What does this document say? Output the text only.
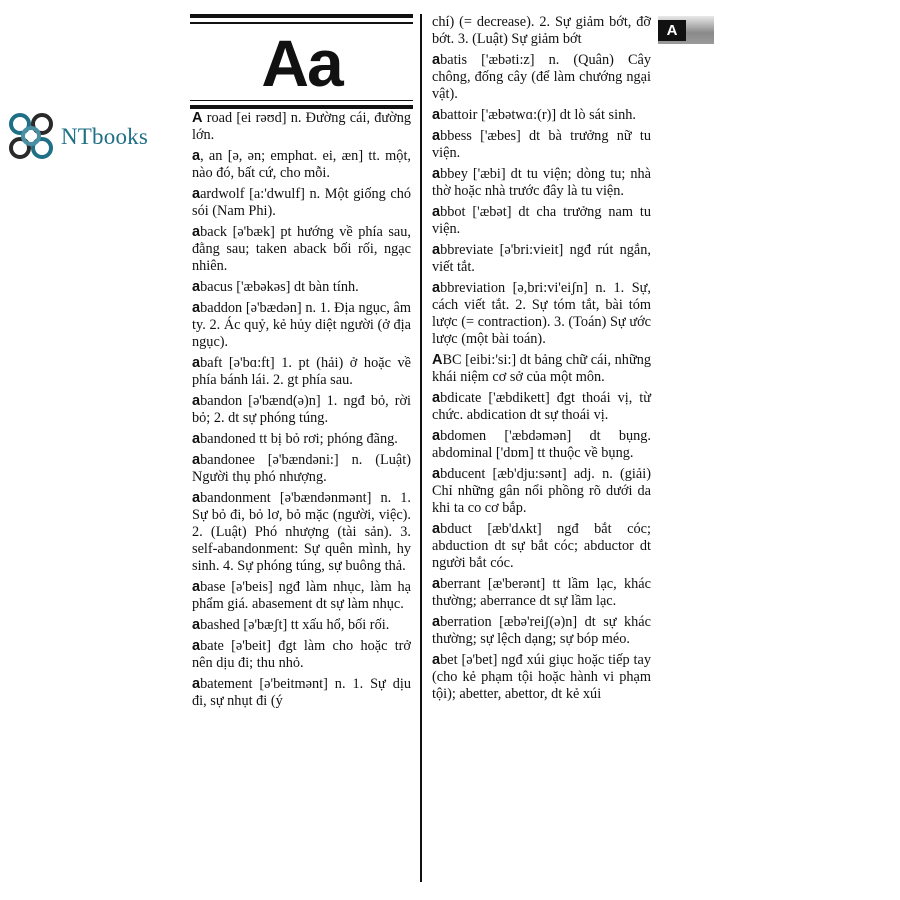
NTbooks
Aa
A road [ei rəʊd] n. Đường cái, đường lớn.
a, an [ə, ən; emphɑt. ei, æn] tt. một, nào đó, bất cứ, cho mỗi.
aardwolf [a:'dwulf] n. Một giống chó sói (Nam Phi).
aback [ə'bæk] pt hướng về phía sau, đằng sau; taken aback bối rối, ngạc nhiên.
abacus ['æbəkəs] dt bàn tính.
abaddon [ə'bædən] n. 1. Địa ngục, âm ty. 2. Ác quỷ, kẻ hủy diệt người (ở địa ngục).
abaft [ə'bɑ:ft] 1. pt (hải) ở hoặc về phía bánh lái. 2. gt phía sau.
abandon [ə'bænd(ə)n] 1. ngđ bỏ, rời bỏ; 2. dt sự phóng túng.
abandoned tt bị bỏ rơi; phóng đãng.
abandonee [ə'bændəni:] n. (Luật) Người thụ phó nhượng.
abandonment [ə'bændənmənt] n. 1. Sự bỏ đi, bỏ lơ, bỏ mặc (người, việc). 2. (Luật) Phó nhượng (tài sản). 3. self-abandonment: Sự quên mình, hy sinh. 4. Sự phóng túng, sự buông thả.
abase [ə'beis] ngđ làm nhục, làm hạ phẩm giá. abasement dt sự làm nhục.
abashed [ə'bæʃt] tt xấu hổ, bối rối.
abate [ə'beit] đgt làm cho hoặc trở nên dịu đi; thu nhỏ.
abatement [ə'beitmənt] n. 1. Sự dịu đi, sự nhụt đi (ý
chí) (= decrease). 2. Sự giảm bớt, đỡ bớt. 3. (Luật) Sự giảm bớt
abatis ['æbəti:z] n. (Quân) Cây chông, đống cây (để làm chướng ngại vật).
abattoir ['æbətwɑ:(r)] dt lò sát sinh.
abbess ['æbes] dt bà trưởng nữ tu viện.
abbey ['æbi] dt tu viện; dòng tu; nhà thờ hoặc nhà trước đây là tu viện.
abbot ['æbət] dt cha trưởng nam tu viện.
abbreviate [ə'bri:vieit] ngđ rút ngắn, viết tắt.
abbreviation [ə,bri:vi'eiʃn] n. 1. Sự, cách viết tắt. 2. Sự tóm tắt, bài tóm lược (= contraction). 3. (Toán) Sự ước lược (một bài toán).
ABC [eibi:'si:] dt bảng chữ cái, những khái niệm cơ sở của một môn.
abdicate ['æbdikett] đgt thoái vị, từ chức. abdication dt sự thoái vị.
abdomen ['æbdəmən] dt bụng. abdominal ['dɒm] tt thuộc về bụng.
abducent [æb'dju:sənt] adj. n. (giải) Chỉ những gân nổi phồng rõ dưới da khi ta co cơ bắp.
abduct [æb'dʌkt] ngđ bắt cóc; abduction dt sự bắt cóc; abductor dt người bắt cóc.
aberrant [æ'berənt] tt lầm lạc, khác thường; aberrance dt sự lầm lạc.
aberration [æbə'reiʃ(ə)n] dt sự khác thường; sự lệch dạng; sự bóp méo.
abet [ə'bet] ngđ xúi giục hoặc tiếp tay (cho kẻ phạm tội hoặc hành vi phạm tội); abetter, abettor, dt kẻ xúi
A
